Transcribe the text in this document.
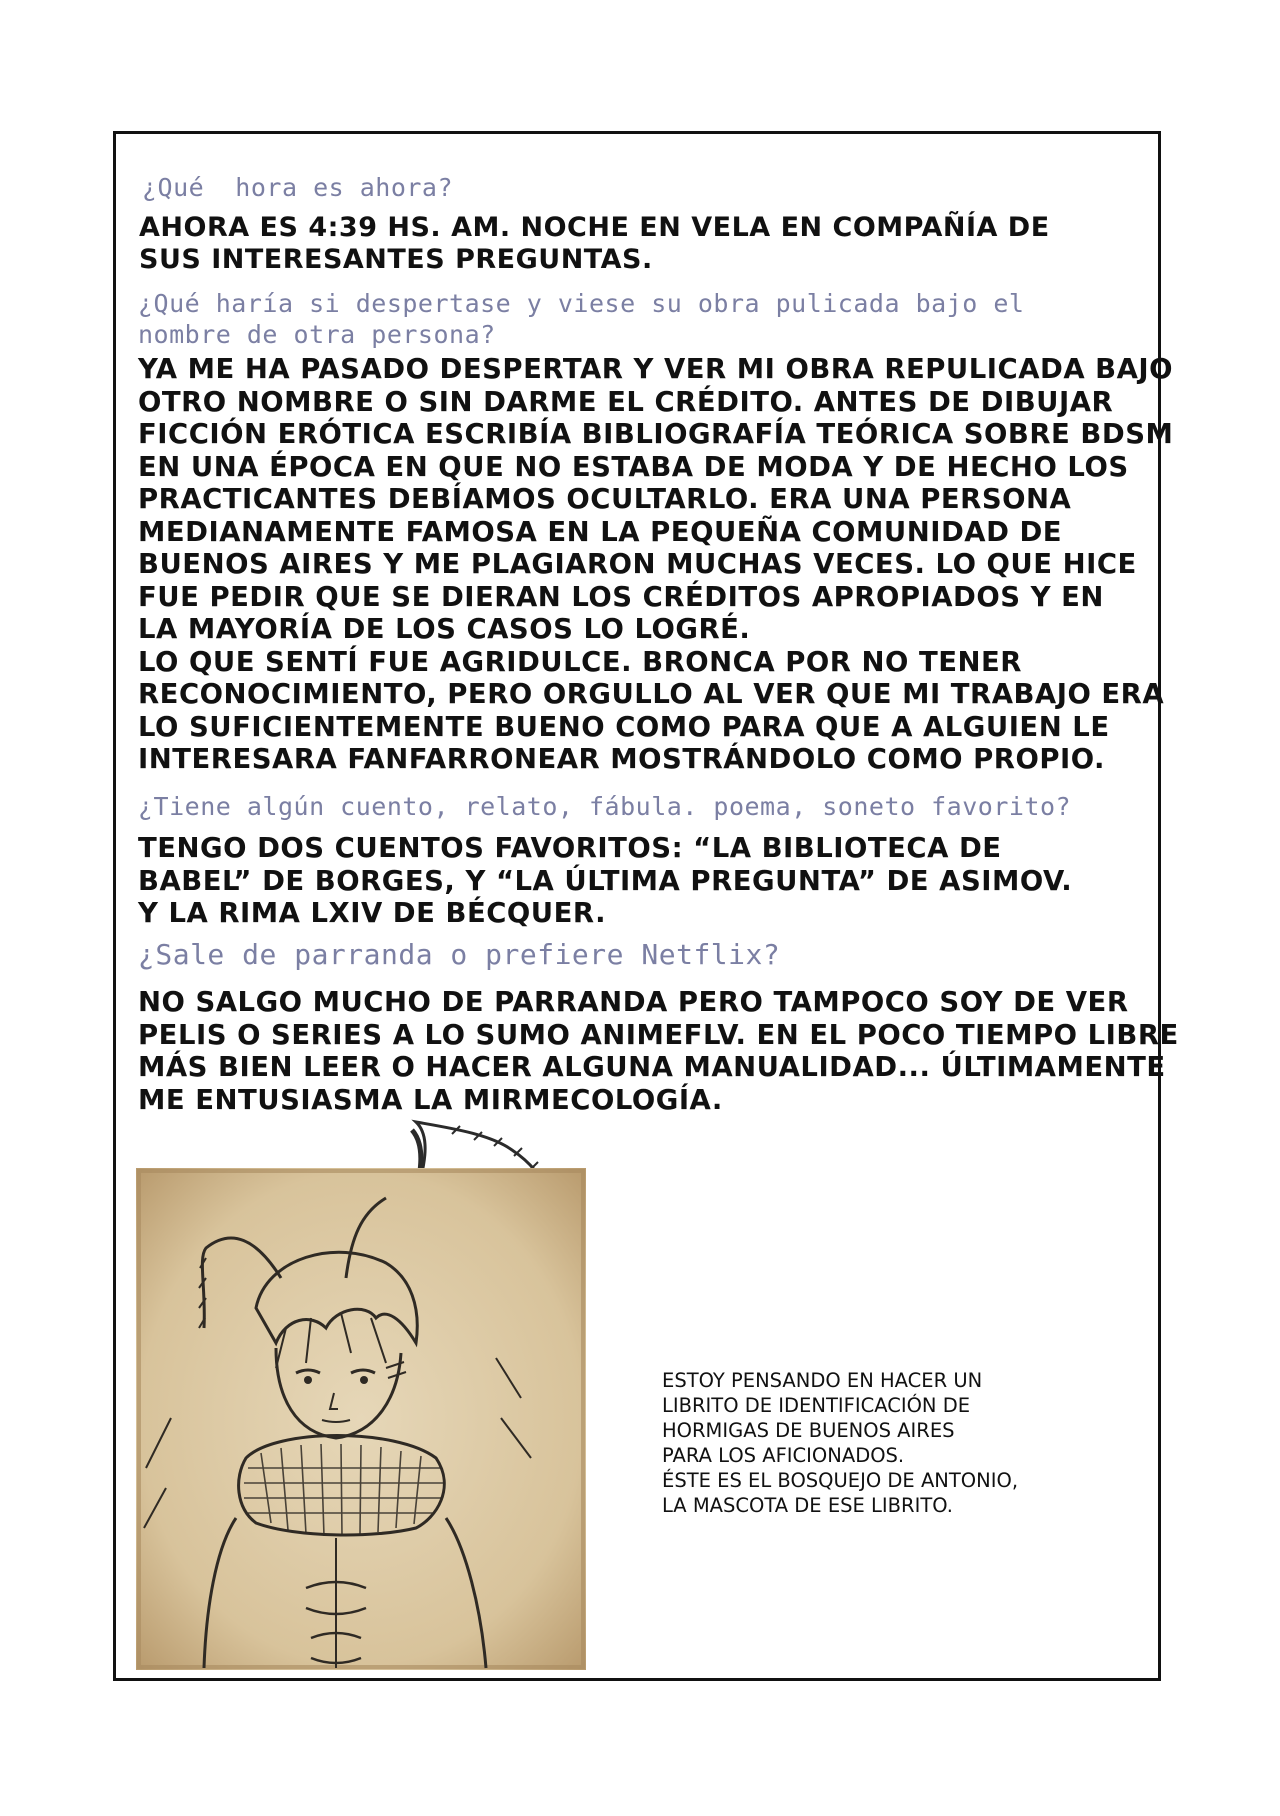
¿Qué  hora es ahora?

AHORA ES 4:39 HS. AM. NOCHE EN VELA EN COMPAÑÍA DE
SUS INTERESANTES PREGUNTAS.

¿Qué haría si despertase y viese su obra pulicada bajo el
nombre de otra persona?

YA ME HA PASADO DESPERTAR Y VER MI OBRA REPULICADA BAJO
OTRO NOMBRE O SIN DARME EL CRÉDITO. ANTES DE DIBUJAR
FICCIÓN ERÓTICA ESCRIBÍA BIBLIOGRAFÍA TEÓRICA SOBRE BDSM
EN UNA ÉPOCA EN QUE NO ESTABA DE MODA Y DE HECHO LOS
PRACTICANTES DEBÍAMOS OCULTARLO. ERA UNA PERSONA
MEDIANAMENTE FAMOSA EN LA PEQUEÑA COMUNIDAD DE
BUENOS AIRES Y ME PLAGIARON MUCHAS VECES. LO QUE HICE
FUE PEDIR QUE SE DIERAN LOS CRÉDITOS APROPIADOS Y EN
LA MAYORÍA DE LOS CASOS LO LOGRÉ.
LO QUE SENTÍ FUE AGRIDULCE. BRONCA POR NO TENER
RECONOCIMIENTO, PERO ORGULLO AL VER QUE MI TRABAJO ERA
LO SUFICIENTEMENTE BUENO COMO PARA QUE A ALGUIEN LE
INTERESARA FANFARRONEAR MOSTRÁNDOLO COMO PROPIO.

¿Tiene algún cuento, relato, fábula. poema, soneto favorito?

TENGO DOS CUENTOS FAVORITOS: “LA BIBLIOTECA DE
BABEL” DE BORGES, Y “LA ÚLTIMA PREGUNTA” DE ASIMOV.
Y LA RIMA LXIV DE BÉCQUER.

¿Sale de parranda o prefiere Netflix?

NO SALGO MUCHO DE PARRANDA PERO TAMPOCO SOY DE VER
PELIS O SERIES A LO SUMO ANIMEFLV. EN EL POCO TIEMPO LIBRE
MÁS BIEN LEER O HACER ALGUNA MANUALIDAD... ÚLTIMAMENTE
ME ENTUSIASMA LA MIRMECOLOGÍA.

ESTOY PENSANDO EN HACER UN
LIBRITO DE IDENTIFICACIÓN DE
HORMIGAS DE BUENOS AIRES
PARA LOS AFICIONADOS.
ÉSTE ES EL BOSQUEJO DE ANTONIO,
LA MASCOTA DE ESE LIBRITO.
